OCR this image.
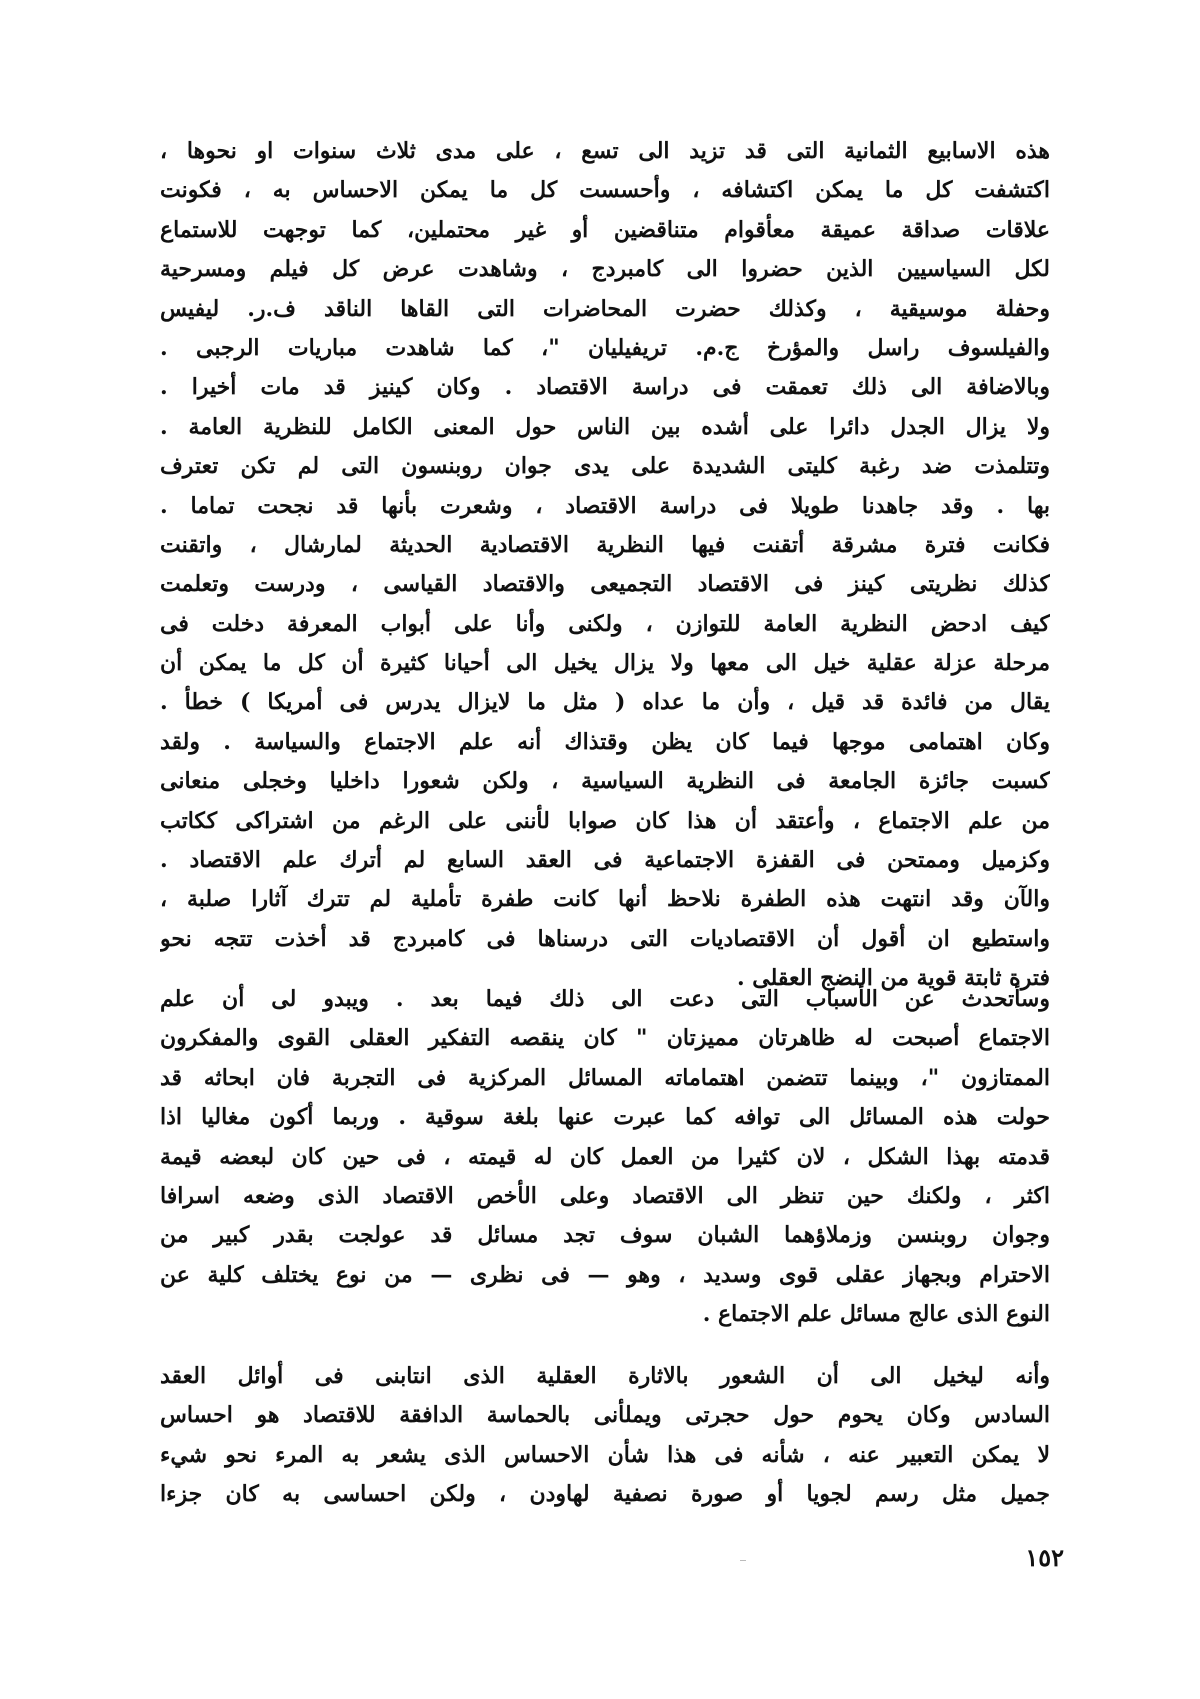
هذه الاسابيع الثمانية التى قد تزيد الى تسع ، على مدى ثلاث سنوات او نحوها ،
اكتشفت كل ما يمكن اكتشافه ، وأحسست كل ما يمكن الاحساس به ، فكونت
علاقات صداقة عميقة معأقوام متناقضين أو غير محتملين، كما توجهت للاستماع
لكل السياسيين الذين حضروا الى كامبردج ، وشاهدت عرض كل فيلم ومسرحية
وحفلة موسيقية ، وكذلك حضرت المحاضرات التى القاها الناقد ف.ر. ليفيس
والفيلسوف راسل والمؤرخ ج.م. تريفيليان "، كما شاهدت مباريات الرجبى .
وبالاضافة الى ذلك تعمقت فى دراسة الاقتصاد . وكان كينيز قد مات أخيرا .
ولا يزال الجدل دائرا على أشده بين الناس حول المعنى الكامل للنظرية العامة .
وتتلمذت ضد رغبة كليتى الشديدة على يدى جوان روبنسون التى لم تكن تعترف
بها . وقد جاهدنا طويلا فى دراسة الاقتصاد ، وشعرت بأنها قد نجحت تماما .
فكانت فترة مشرقة أتقنت فيها النظرية الاقتصادية الحديثة لمارشال ، واتقنت
كذلك نظريتى كينز فى الاقتصاد التجميعى والاقتصاد القياسى ، ودرست وتعلمت
كيف ادحض النظرية العامة للتوازن ، ولكنى وأنا على أبواب المعرفة دخلت فى
مرحلة عزلة عقلية خيل الى معها ولا يزال يخيل الى أحيانا كثيرة أن كل ما يمكن أن
يقال من فائدة قد قيل ، وأن ما عداه ( مثل ما لايزال يدرس فى أمريكا ) خطأ .
وكان اهتمامى موجها فيما كان يظن وقتذاك أنه علم الاجتماع والسياسة . ولقد
كسبت جائزة الجامعة فى النظرية السياسية ، ولكن شعورا داخليا وخجلى منعانى
من علم الاجتماع ، وأعتقد أن هذا كان صوابا لأننى على الرغم من اشتراكى ككاتب
وكزميل وممتحن فى القفزة الاجتماعية فى العقد السابع لم أترك علم الاقتصاد .
والآن وقد انتهت هذه الطفرة نلاحظ أنها كانت طفرة تأملية لم تترك آثارا صلبة ،
واستطيع ان أقول أن الاقتصاديات التى درسناها فى كامبردج قد أخذت تتجه نحو
فترة ثابتة قوية من النضج العقلى .
وسأتحدث عن الأسباب التى دعت الى ذلك فيما بعد . ويبدو لى أن علم
الاجتماع أصبحت له ظاهرتان مميزتان " كان ينقصه التفكير العقلى القوى والمفكرون
الممتازون "، وبينما تتضمن اهتماماته المسائل المركزية فى التجربة فان ابحاثه قد
حولت هذه المسائل الى توافه كما عبرت عنها بلغة سوقية . وربما أكون مغاليا اذا
قدمته بهذا الشكل ، لان كثيرا من العمل كان له قيمته ، فى حين كان لبعضه قيمة
اكثر ، ولكنك حين تنظر الى الاقتصاد وعلى الأخص الاقتصاد الذى وضعه اسرافا
وجوان روبنسن وزملاؤهما الشبان سوف تجد مسائل قد عولجت بقدر كبير من
الاحترام وبجهاز عقلى قوى وسديد ، وهو — فى نظرى — من نوع يختلف كلية عن
النوع الذى عالج مسائل علم الاجتماع .
وأنه ليخيل الى أن الشعور بالاثارة العقلية الذى انتابنى فى أوائل العقد
السادس وكان يحوم حول حجرتى ويملأنى بالحماسة الدافقة للاقتصاد هو احساس
لا يمكن التعبير عنه ، شأنه فى هذا شأن الاحساس الذى يشعر به المرء نحو شيء
جميل مثل رسم لجويا أو صورة نصفية لهاودن ، ولكن احساسى به كان جزءا
١٥٢
